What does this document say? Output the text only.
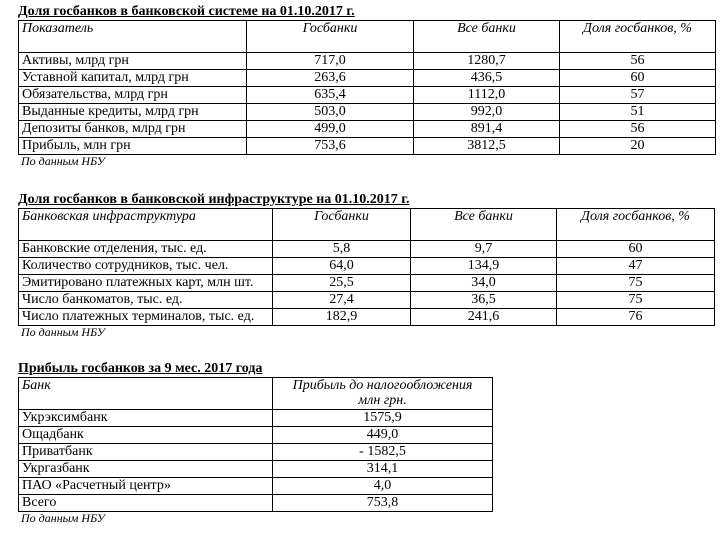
Доля госбанков в банковской системе на 01.10.2017 г.
Показатель	Госбанки	Все банки	Доля госбанков, %
Активы, млрд грн	717,0	1280,7	56
Уставной капитал, млрд грн	263,6	436,5	60
Обязательства, млрд грн	635,4	1112,0	57
Выданные кредиты, млрд грн	503,0	992,0	51
Депозиты банков, млрд грн	499,0	891,4	56
Прибыль, млн грн	753,6	3812,5	20
По данным НБУ
Доля госбанков в банковской инфраструктуре на 01.10.2017 г.
Банковская инфраструктура	Госбанки	Все банки	Доля госбанков, %
Банковские отделения, тыс. ед.	5,8	9,7	60
Количество сотрудников, тыс. чел.	64,0	134,9	47
Эмитировано платежных карт, млн шт.	25,5	34,0	75
Число банкоматов, тыс. ед.	27,4	36,5	75
Число платежных терминалов, тыс. ед.	182,9	241,6	76
По данным НБУ
Прибыль госбанков за 9 мес. 2017 года
Банк	Прибыль до налогообложения млн грн.
Укрэксимбанк	1575,9
Ощадбанк	449,0
Приватбанк	- 1582,5
Укргазбанк	314,1
ПАО «Расчетный центр»	4,0
Всего	753,8
По данным НБУ
